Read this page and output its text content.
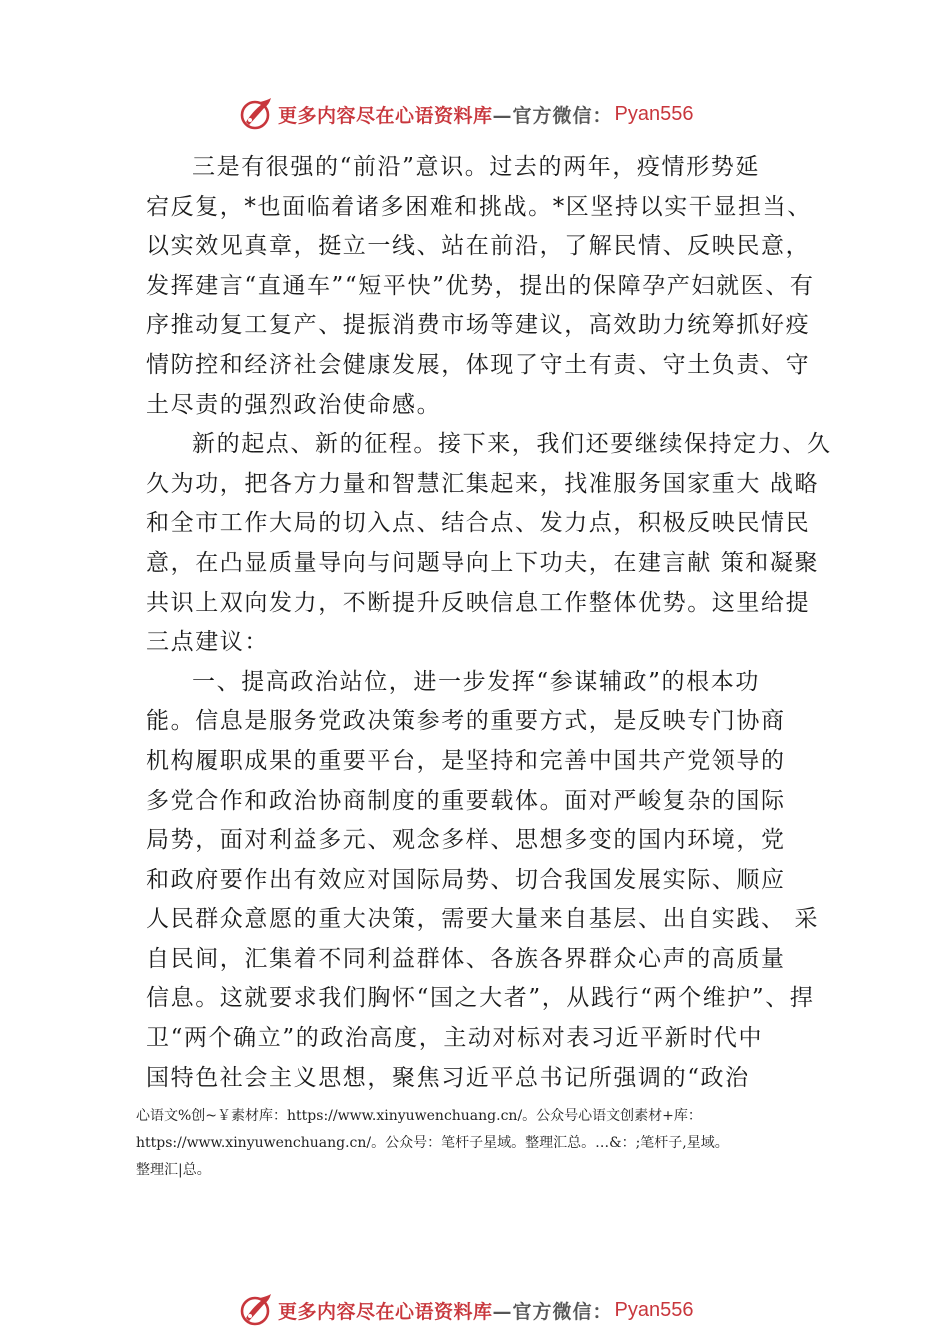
更多内容尽在心语资料库 —官方微信： Pyan556
三是有很强的“前沿”意识。过去的两年，疫情形势延
宕反复，*也面临着诸多困难和挑战。*区坚持以实干显担当、
以实效见真章，挺立一线、站在前沿，了解民情、反映民意，
发挥建言“直通车”“短平快”优势，提出的保障孕产妇就医、有
序推动复工复产、提振消费市场等建议，高效助力统筹抓好疫
情防控和经济社会健康发展，体现了守土有责、守土负责、守
土尽责的强烈政治使命感。
新的起点、新的征程。接下来，我们还要继续保持定力、久
久为功，把各方力量和智慧汇集起来，找准服务国家重大 战略
和全市工作大局的切入点、结合点、发力点，积极反映民情民
意，在凸显质量导向与问题导向上下功夫，在建言献 策和凝聚
共识上双向发力，不断提升反映信息工作整体优势。这里给提
三点建议：
一、提高政治站位，进一步发挥“参谋辅政”的根本功
能。信息是服务党政决策参考的重要方式，是反映专门协商
机构履职成果的重要平台，是坚持和完善中国共产党领导的
多党合作和政治协商制度的重要载体。面对严峻复杂的国际
局势，面对利益多元、观念多样、思想多变的国内环境，党
和政府要作出有效应对国际局势、切合我国发展实际、顺应
人民群众意愿的重大决策，需要大量来自基层、出自实践、 采
自民间，汇集着不同利益群体、各族各界群众心声的高质量
信息。这就要求我们胸怀“国之大者”，从践行“两个维护”、捍
卫“两个确立”的政治高度，主动对标对表习近平新时代中
国特色社会主义思想，聚焦习近平总书记所强调的“政治
心语文%创~￥素材库：https://www.xinyuwenchuang.cn/。公众号心语文创素材+库：
https://www.xinyuwenchuang.cn/。公众号：笔杆子星域。整理汇总。…&：;笔杆子,星域。
整理汇|总。
更多内容尽在心语资料库 —官方微信： Pyan556
